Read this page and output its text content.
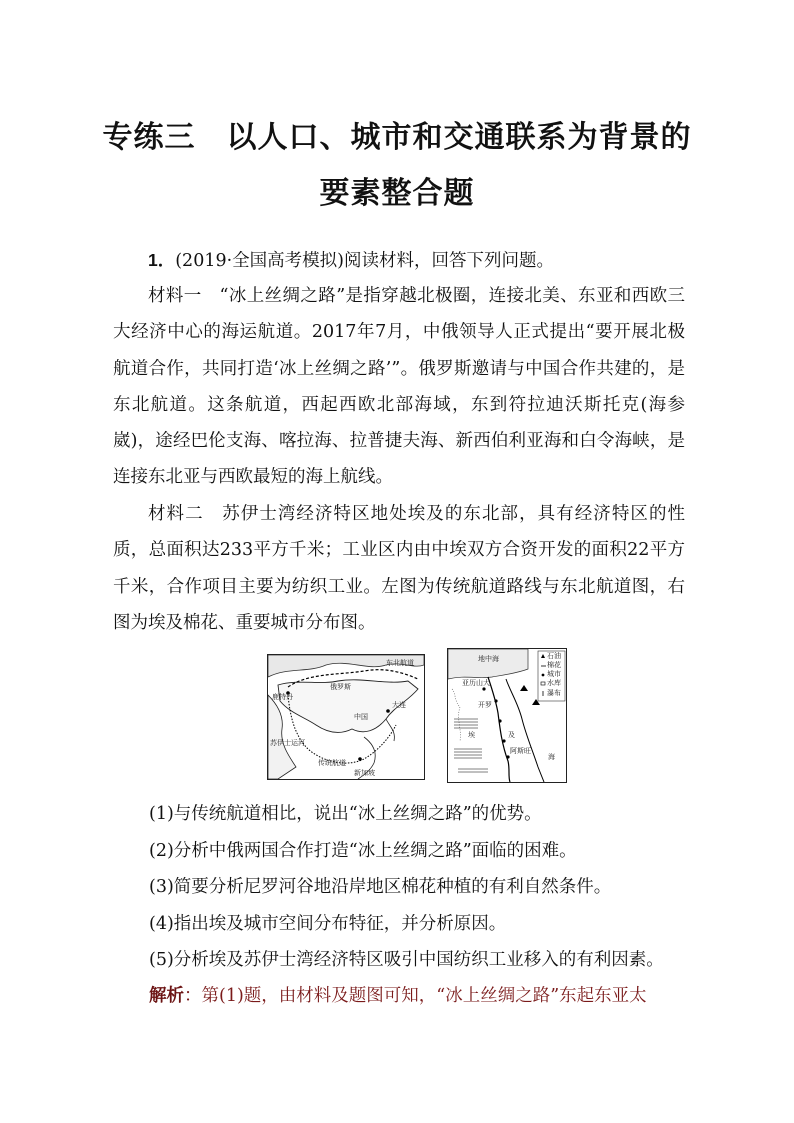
专练三　以人口、城市和交通联系为背景的
要素整合题
1．(2019·全国高考模拟)阅读材料，回答下列问题。
材料一　“冰上丝绸之路”是指穿越北极圈，连接北美、东亚和西欧三大经济中心的海运航道。2017年7月，中俄领导人正式提出“要开展北极航道合作，共同打造‘冰上丝绸之路’”。俄罗斯邀请与中国合作共建的，是东北航道。这条航道，西起西欧北部海域，东到符拉迪沃斯托克(海参崴)，途经巴伦支海、喀拉海、拉普捷夫海、新西伯利亚海和白令海峡，是连接东北亚与西欧最短的海上航线。
材料二　苏伊士湾经济特区地处埃及的东北部，具有经济特区的性质，总面积达233平方千米；工业区内由中埃双方合资开发的面积22平方千米，合作项目主要为纺织工业。左图为传统航道路线与东北航道图，右图为埃及棉花、重要城市分布图。
东北航道
俄罗斯
鹿特丹
大连
中国
苏伊士运河
传统航道
新加坡
石油
棉花
城市
水库
瀑布
地中海
亚历山大
开罗
埃	及
阿斯旺
海
(1)与传统航道相比，说出“冰上丝绸之路”的优势。
(2)分析中俄两国合作打造“冰上丝绸之路”面临的困难。
(3)简要分析尼罗河谷地沿岸地区棉花种植的有利自然条件。
(4)指出埃及城市空间分布特征，并分析原因。
(5)分析埃及苏伊士湾经济特区吸引中国纺织工业移入的有利因素。
解析：第(1)题，由材料及题图可知，“冰上丝绸之路”东起东亚太
